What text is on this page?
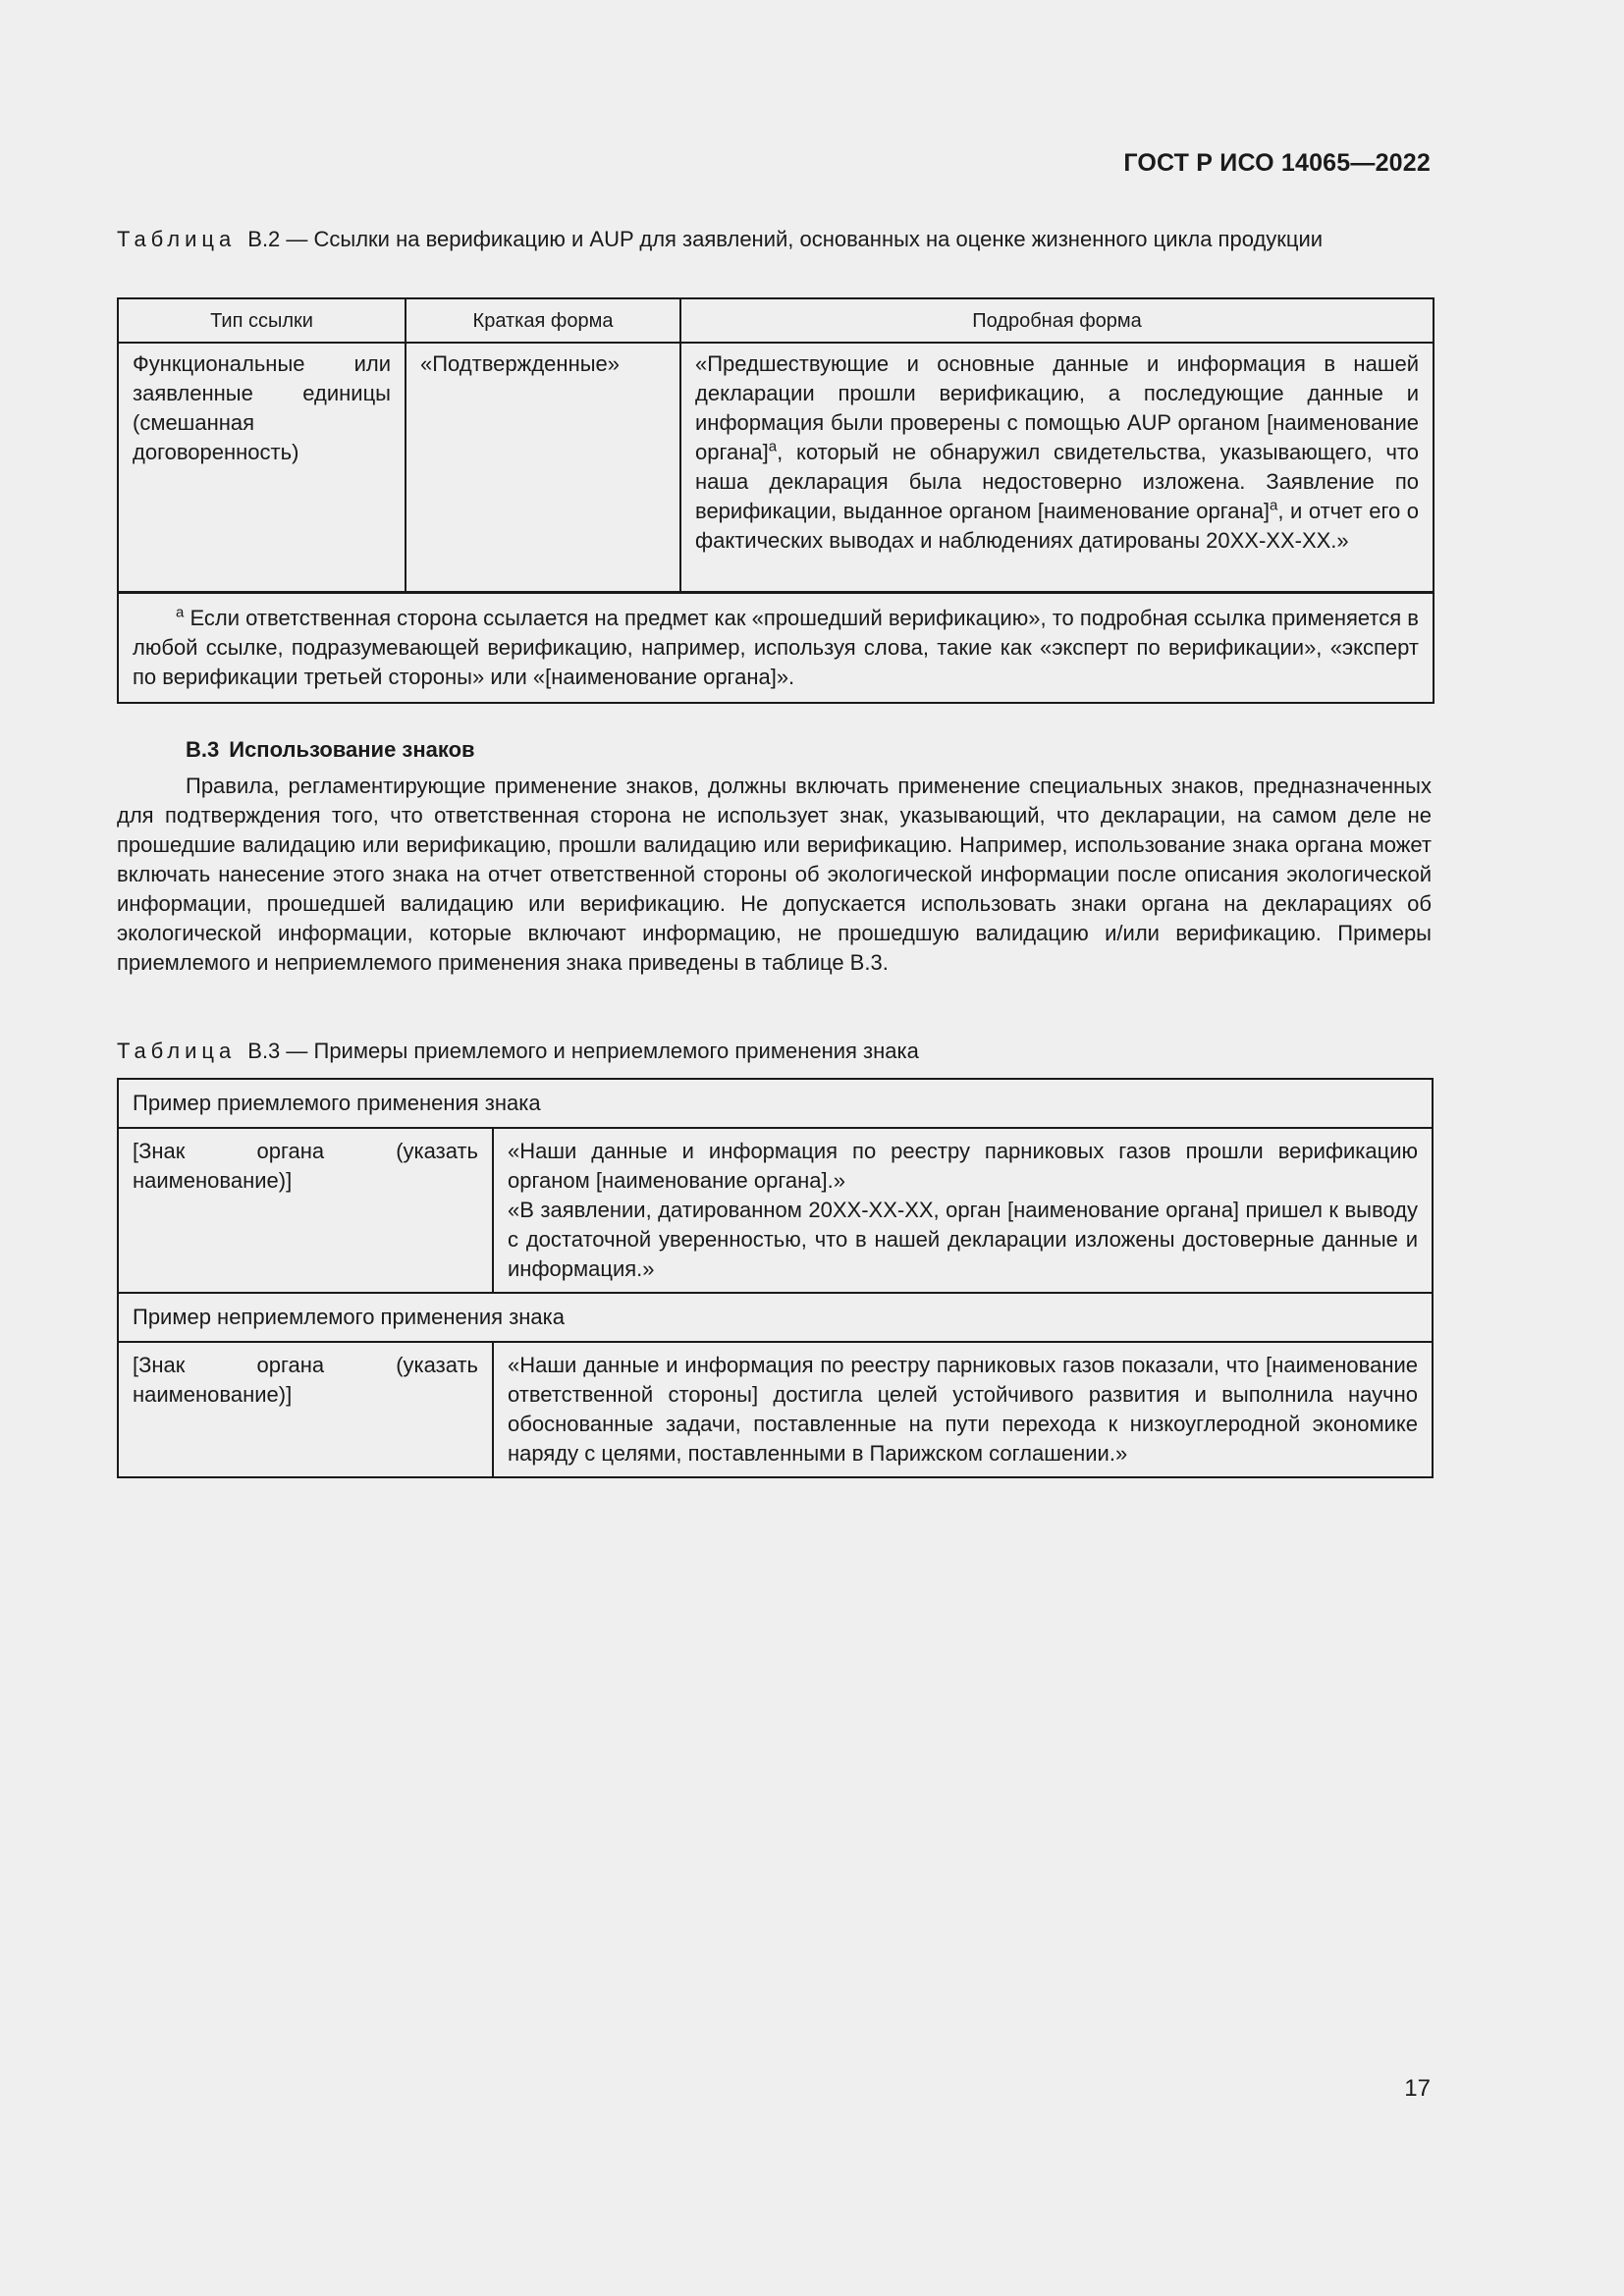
ГОСТ Р ИСО 14065—2022
Таблица В.2 — Ссылки на верификацию и AUP для заявлений, основанных на оценке жизненного цикла продукции
Тип ссылки	Краткая форма	Подробная форма
Функциональные или заявленные единицы (смешанная договоренность)	«Подтвержденные»	«Предшествующие и основные данные и информация в нашей декларации прошли верификацию, а последующие данные и информация были проверены с помощью AUP органом [наименование органа]$^a$, который не обнаружил свидетельства, указывающего, что наша декларация была недостоверно изложена. Заявление по верификации, выданное органом [наименование органа]$^a$, и отчет его о фактических выводах и наблюдениях датированы 20XX-XX-XX.»
$^a$ Если ответственная сторона ссылается на предмет как «прошедший верификацию», то подробная ссылка применяется в любой ссылке, подразумевающей верификацию, например, используя слова, такие как «эксперт по верификации», «эксперт по верификации третьей стороны» или «[наименование органа]».		
В.3 Использование знаков
Правила, регламентирующие применение знаков, должны включать применение специальных знаков, предназначенных для подтверждения того, что ответственная сторона не использует знак, указывающий, что декларации, на самом деле не прошедшие валидацию или верификацию, прошли валидацию или верификацию. Например, использование знака органа может включать нанесение этого знака на отчет ответственной стороны об экологической информации после описания экологической информации, прошедшей валидацию или верификацию. Не допускается использовать знаки органа на декларациях об экологической информации, которые включают информацию, не прошедшую валидацию и/или верификацию. Примеры приемлемого и неприемлемого применения знака приведены в таблице В.3.
Таблица В.3 — Примеры приемлемого и неприемлемого применения знака
Пример приемлемого применения знака	
[Знак органа (указать наименование)]	«Наши данные и информация по реестру парниковых газов прошли верификацию органом [наименование органа].»
«В заявлении, датированном 20XX-XX-XX, орган [наименование органа] пришел к выводу с достаточной уверенностью, что в нашей декларации изложены достоверные данные и информация.»

Пример неприемлемого применения знака	
[Знак органа (указать наименование)]	«Наши данные и информация по реестру парниковых газов показали, что [наименование ответственной стороны] достигла целей устойчивого развития и выполнила научно обоснованные задачи, поставленные на пути перехода к низкоуглеродной экономике наряду с целями, поставленными в Парижском соглашении.»
17
